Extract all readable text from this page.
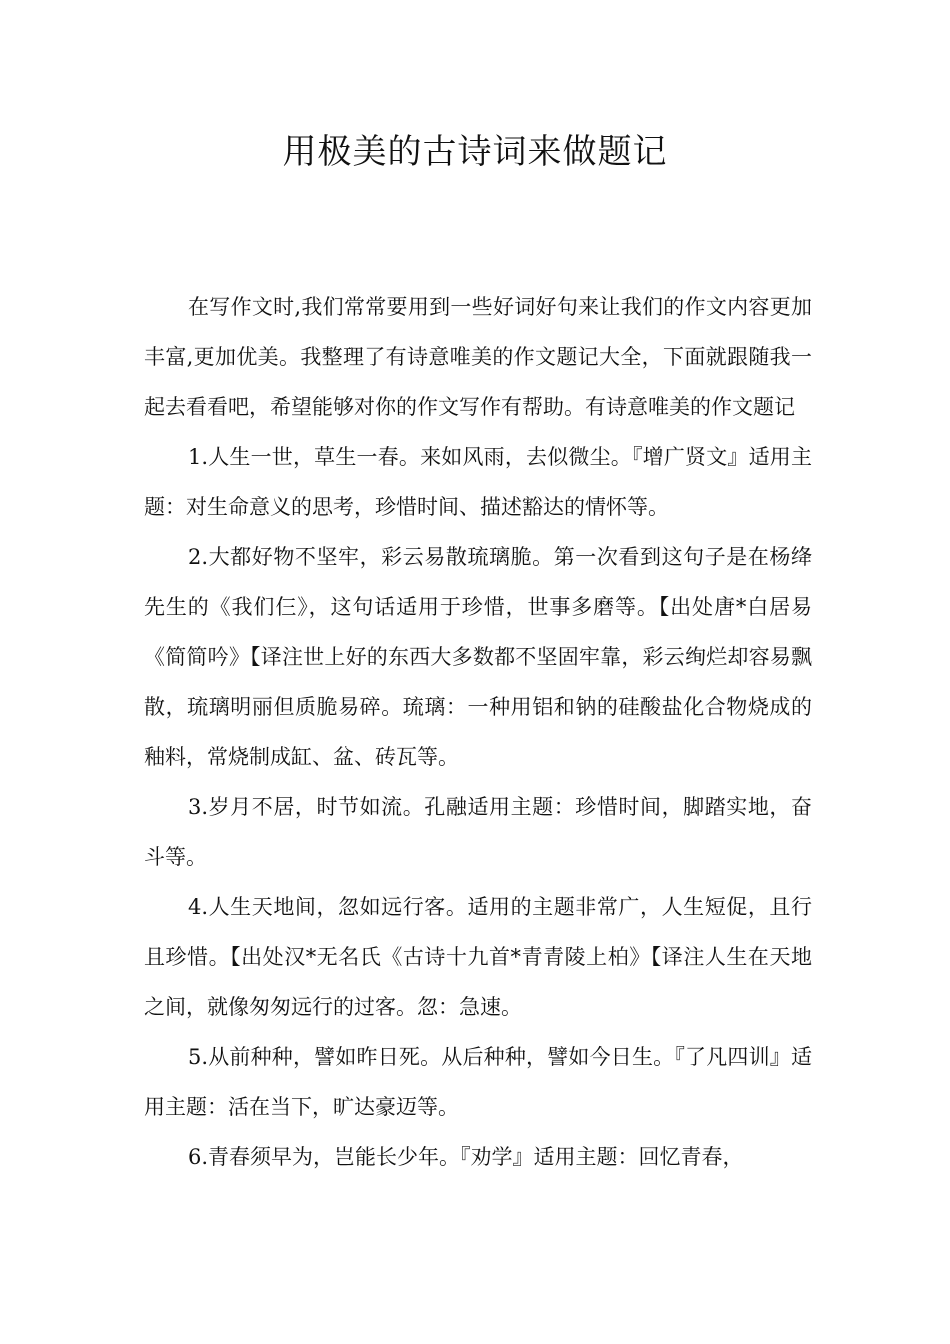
用极美的古诗词来做题记

在写作文时,我们常常要用到一些好词好句来让我们的作文内容更加丰富,更加优美。我整理了有诗意唯美的作文题记大全，下面就跟随我一起去看看吧，希望能够对你的作文写作有帮助。有诗意唯美的作文题记

1.人生一世，草生一春。来如风雨，去似微尘。『增广贤文』适用主题：对生命意义的思考，珍惜时间、描述豁达的情怀等。

2.大都好物不坚牢，彩云易散琉璃脆。第一次看到这句子是在杨绛先生的《我们仨》，这句话适用于珍惜，世事多磨等。【出处唐*白居易《简简吟》【译注世上好的东西大多数都不坚固牢靠，彩云绚烂却容易飘散，琉璃明丽但质脆易碎。琉璃：一种用铝和钠的硅酸盐化合物烧成的釉料，常烧制成缸、盆、砖瓦等。

3.岁月不居，时节如流。孔融适用主题：珍惜时间，脚踏实地，奋斗等。

4.人生天地间，忽如远行客。适用的主题非常广，人生短促，且行且珍惜。【出处汉*无名氏《古诗十九首*青青陵上柏》【译注人生在天地之间，就像匆匆远行的过客。忽：急速。

5.从前种种，譬如昨日死。从后种种，譬如今日生。『了凡四训』适用主题：活在当下，旷达豪迈等。

6.青春须早为，岂能长少年。『劝学』适用主题：回忆青春，
